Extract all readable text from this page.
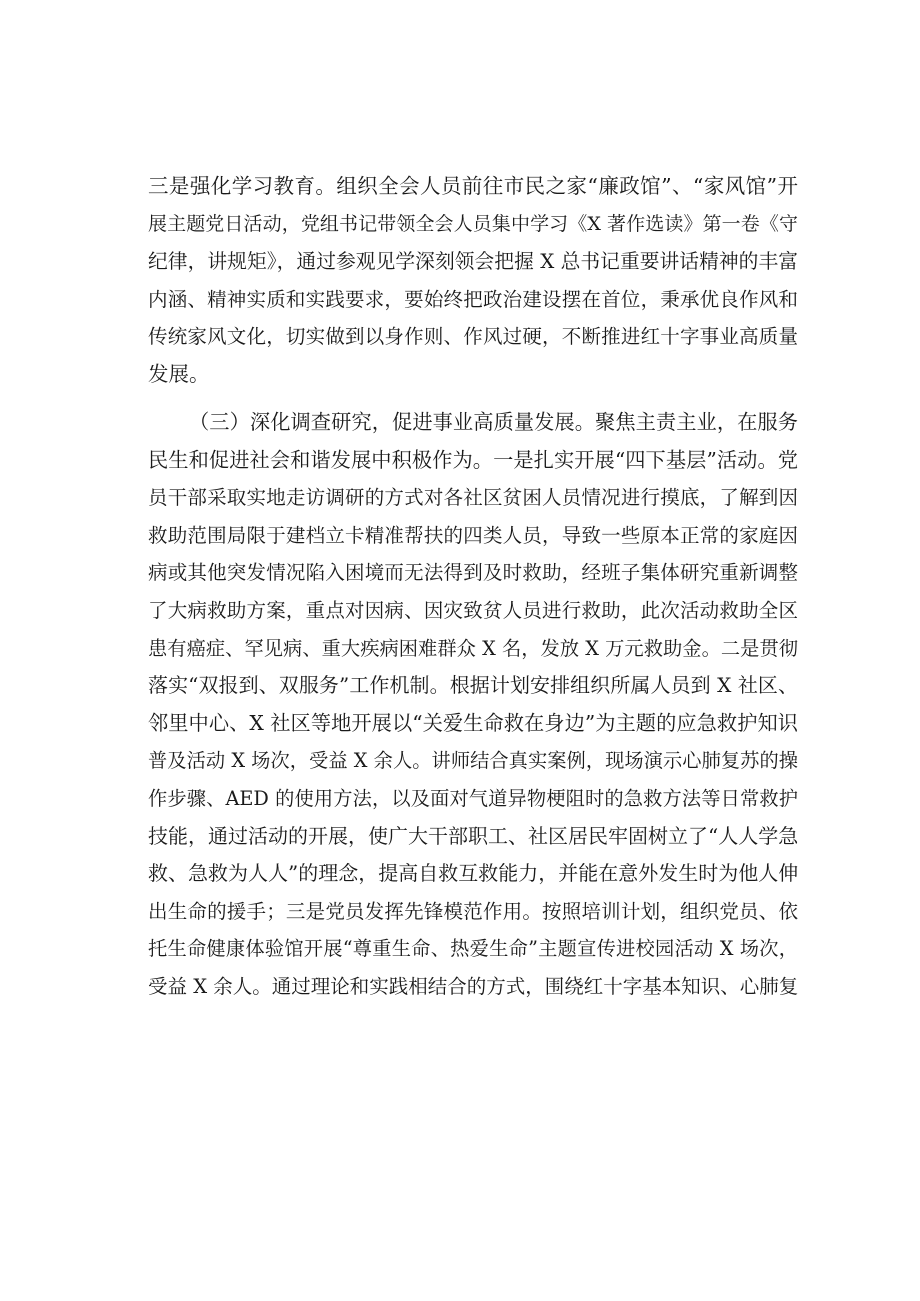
三是强化学习教育。组织全会人员前往市民之家“廉政馆”、“家风馆”开
展主题党日活动，党组书记带领全会人员集中学习《X 著作选读》第一卷《守
纪律，讲规矩》，通过参观见学深刻领会把握 X 总书记重要讲话精神的丰富
内涵、精神实质和实践要求，要始终把政治建设摆在首位，秉承优良作风和
传统家风文化，切实做到以身作则、作风过硬，不断推进红十字事业高质量
发展。
（三）深化调查研究，促进事业高质量发展。聚焦主责主业，在服务
民生和促进社会和谐发展中积极作为。一是扎实开展“四下基层”活动。党
员干部采取实地走访调研的方式对各社区贫困人员情况进行摸底，了解到因
救助范围局限于建档立卡精准帮扶的四类人员，导致一些原本正常的家庭因
病或其他突发情况陷入困境而无法得到及时救助，经班子集体研究重新调整
了大病救助方案，重点对因病、因灾致贫人员进行救助，此次活动救助全区
患有癌症、罕见病、重大疾病困难群众 X 名，发放 X 万元救助金。二是贯彻
落实“双报到、双服务”工作机制。根据计划安排组织所属人员到 X 社区、
邻里中心、X 社区等地开展以“关爱生命救在身边”为主题的应急救护知识
普及活动 X 场次，受益 X 余人。讲师结合真实案例，现场演示心肺复苏的操
作步骤、AED 的使用方法，以及面对气道异物梗阻时的急救方法等日常救护
技能，通过活动的开展，使广大干部职工、社区居民牢固树立了“人人学急
救、急救为人人”的理念，提高自救互救能力，并能在意外发生时为他人伸
出生命的援手；三是党员发挥先锋模范作用。按照培训计划，组织党员、依
托生命健康体验馆开展“尊重生命、热爱生命”主题宣传进校园活动 X 场次，
受益 X 余人。通过理论和实践相结合的方式，围绕红十字基本知识、心肺复
